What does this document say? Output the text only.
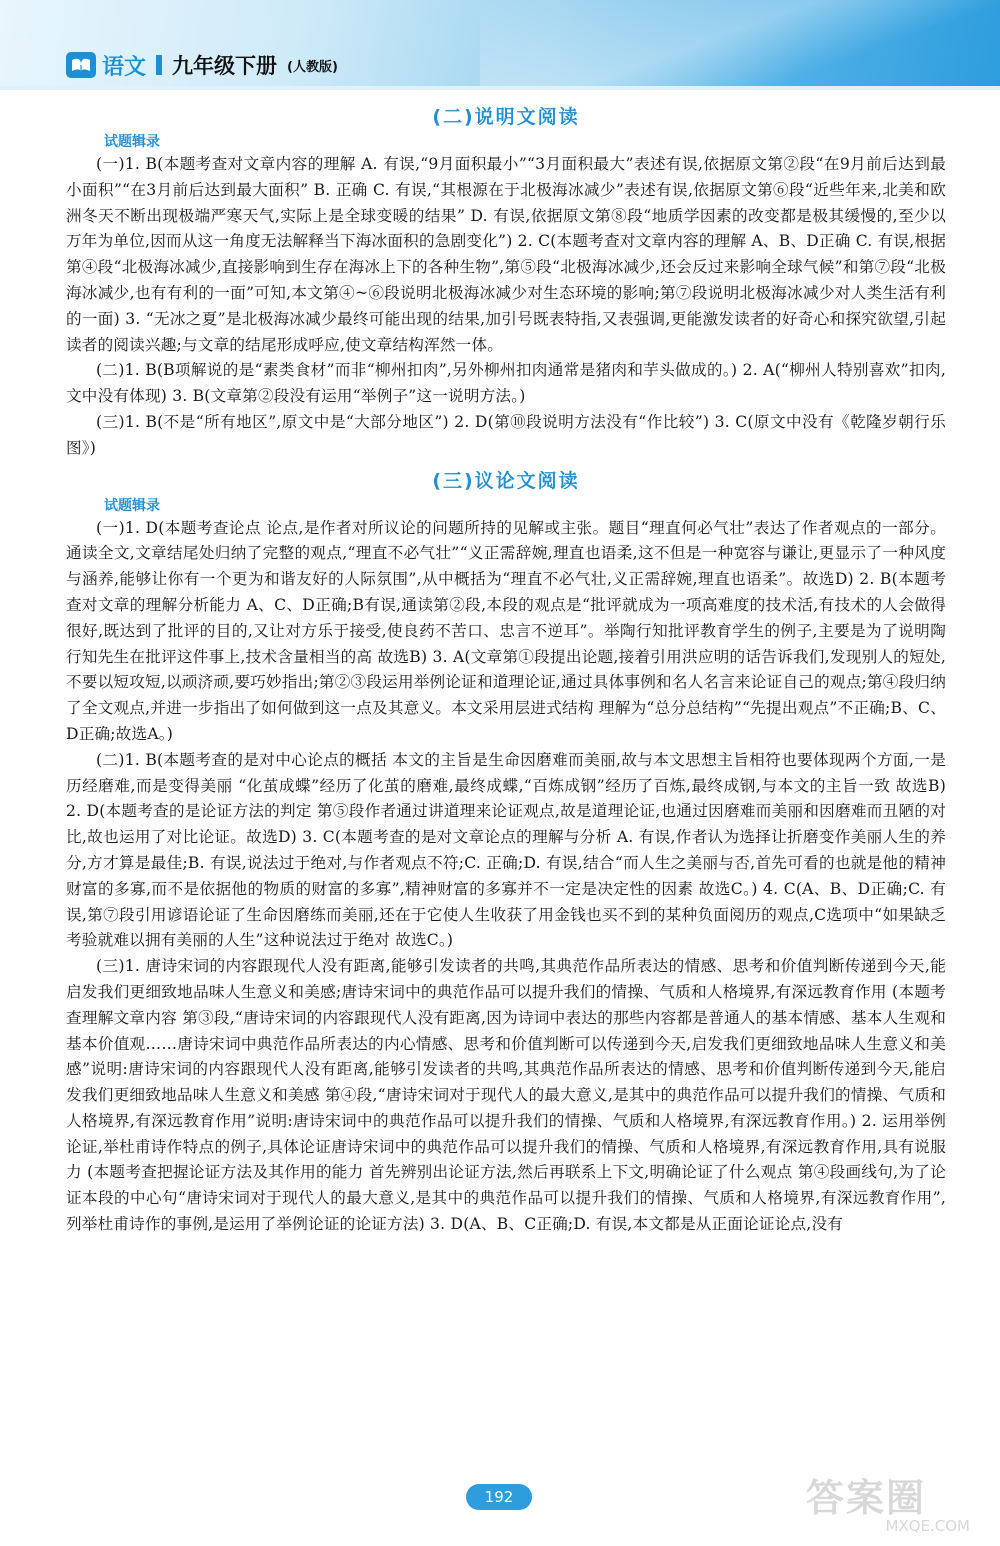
语文 九年级下册 (人教版)
(二)说明文阅读
试题辑录

(一)1. B(本题考查对文章内容的理解 A. 有误,“9月面积最小”“3月面积最大”表述有误,依据原文第②段“在9月前后达到最小面积”“在3月前后达到最大面积” B. 正确 C. 有误,“其根源在于北极海冰减少”表述有误,依据原文第⑥段“近些年来,北美和欧洲冬天不断出现极端严寒天气,实际上是全球变暖的结果” D. 有误,依据原文第⑧段“地质学因素的改变都是极其缓慢的,至少以万年为单位,因而从这一角度无法解释当下海冰面积的急剧变化”) 2. C(本题考查对文章内容的理解 A、B、D正确 C. 有误,根据第④段“北极海冰减少,直接影响到生存在海冰上下的各种生物”,第⑤段“北极海冰减少,还会反过来影响全球气候”和第⑦段“北极海冰减少,也有有利的一面”可知,本文第④~⑥段说明北极海冰减少对生态环境的影响;第⑦段说明北极海冰减少对人类生活有利的一面) 3. “无冰之夏”是北极海冰减少最终可能出现的结果,加引号既表特指,又表强调,更能激发读者的好奇心和探究欲望,引起读者的阅读兴趣;与文章的结尾形成呼应,使文章结构浑然一体。

(二)1. B(B项解说的是“素类食材”而非“柳州扣肉”,另外柳州扣肉通常是猪肉和芋头做成的。) 2. A(“柳州人特别喜欢”扣肉,文中没有体现) 3. B(文章第②段没有运用“举例子”这一说明方法。)

(三)1. B(不是“所有地区”,原文中是“大部分地区”) 2. D(第⑩段说明方法没有“作比较”) 3. C(原文中没有《乾隆岁朝行乐图》)

(三)议论文阅读
试题辑录

(一)1. D(本题考查论点 论点,是作者对所议论的问题所持的见解或主张。题目“理直何必气壮”表达了作者观点的一部分。通读全文,文章结尾处归纳了完整的观点,“理直不必气壮”“义正需辞婉,理直也语柔,这不但是一种宽容与谦让,更显示了一种风度与涵养,能够让你有一个更为和谐友好的人际氛围”,从中概括为“理直不必气壮,义正需辞婉,理直也语柔”。故选D) 2. B(本题考查对文章的理解分析能力 A、C、D正确;B有误,通读第②段,本段的观点是“批评就成为一项高难度的技术活,有技术的人会做得很好,既达到了批评的目的,又让对方乐于接受,使良药不苦口、忠言不逆耳”。举陶行知批评教育学生的例子,主要是为了说明陶行知先生在批评这件事上,技术含量相当的高 故选B) 3. A(文章第①段提出论题,接着引用洪应明的话告诉我们,发现别人的短处,不要以短攻短,以顽济顽,要巧妙指出;第②③段运用举例论证和道理论证,通过具体事例和名人名言来论证自己的观点;第④段归纳了全文观点,并进一步指出了如何做到这一点及其意义。本文采用层进式结构 理解为“总分总结构”“先提出观点”不正确;B、C、D正确;故选A。)

(二)1. B(本题考查的是对中心论点的概括 本文的主旨是生命因磨难而美丽,故与本文思想主旨相符也要体现两个方面,一是历经磨难,而是变得美丽 “化茧成蝶”经历了化茧的磨难,最终成蝶,“百炼成钢”经历了百炼,最终成钢,与本文的主旨一致 故选B) 2. D(本题考查的是论证方法的判定 第⑤段作者通过讲道理来论证观点,故是道理论证,也通过因磨难而美丽和因磨难而丑陋的对比,故也运用了对比论证。故选D) 3. C(本题考查的是对文章论点的理解与分析 A. 有误,作者认为选择让折磨变作美丽人生的养分,方才算是最佳;B. 有误,说法过于绝对,与作者观点不符;C. 正确;D. 有误,结合“而人生之美丽与否,首先可看的也就是他的精神财富的多寡,而不是依据他的物质的财富的多寡”,精神财富的多寡并不一定是决定性的因素 故选C。) 4. C(A、B、D正确;C. 有误,第⑦段引用谚语论证了生命因磨练而美丽,还在于它使人生收获了用金钱也买不到的某种负面阅历的观点,C选项中“如果缺乏考验就难以拥有美丽的人生”这种说法过于绝对 故选C。)

(三)1. 唐诗宋词的内容跟现代人没有距离,能够引发读者的共鸣,其典范作品所表达的情感、思考和价值判断传递到今天,能启发我们更细致地品味人生意义和美感;唐诗宋词中的典范作品可以提升我们的情操、气质和人格境界,有深远教育作用 (本题考查理解文章内容 第③段,“唐诗宋词的内容跟现代人没有距离,因为诗词中表达的那些内容都是普通人的基本情感、基本人生观和基本价值观……唐诗宋词中典范作品所表达的内心情感、思考和价值判断可以传递到今天,启发我们更细致地品味人生意义和美感”说明:唐诗宋词的内容跟现代人没有距离,能够引发读者的共鸣,其典范作品所表达的情感、思考和价值判断传递到今天,能启发我们更细致地品味人生意义和美感 第④段,“唐诗宋词对于现代人的最大意义,是其中的典范作品可以提升我们的情操、气质和人格境界,有深远教育作用”说明:唐诗宋词中的典范作品可以提升我们的情操、气质和人格境界,有深远教育作用。) 2. 运用举例论证,举杜甫诗作特点的例子,具体论证唐诗宋词中的典范作品可以提升我们的情操、气质和人格境界,有深远教育作用,具有说服力 (本题考查把握论证方法及其作用的能力 首先辨别出论证方法,然后再联系上下文,明确论证了什么观点 第④段画线句,为了论证本段的中心句“唐诗宋词对于现代人的最大意义,是其中的典范作品可以提升我们的情操、气质和人格境界,有深远教育作用”,列举杜甫诗作的事例,是运用了举例论证的论证方法) 3. D(A、B、C正确;D. 有误,本文都是从正面论证论点,没有

192	答案圈
MXQE.COM
